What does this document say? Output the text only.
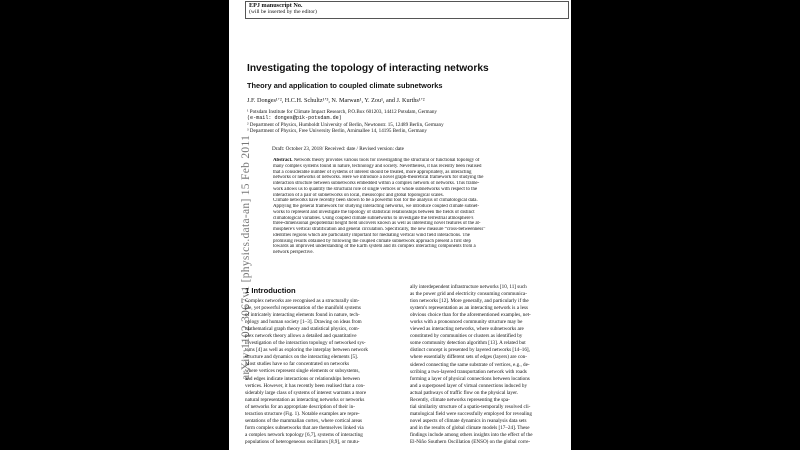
EPJ manuscript No.
(will be inserted by the editor)
arXiv:1102.3067v1 [physics.data-an] 15 Feb 2011
Investigating the topology of interacting networks
Theory and application to coupled climate subnetworks
J.F. Donges¹ʼ², H.C.H. Schultz¹ʼ³, N. Marwan¹, Y. Zou¹, and J. Kurths¹ʼ²
¹ Potsdam Institute for Climate Impact Research, P.O.Box 601203, 14412 Potsdam, Germany
(e-mail: donges@pik-potsdam.de)
² Department of Physics, Humboldt University of Berlin, Newtonstr. 15, 12489 Berlin, Germany
³ Department of Physics, Free University Berlin, Arnimallee 14, 14195 Berlin, Germany
Draft: October 23, 2018/ Received: date / Revised version: date
Abstract. Network theory provides various tools for investigating the structural or functional topology of
many complex systems found in nature, technology and society. Nevertheless, it has recently been realised
that a considerable number of systems of interest should be treated, more appropriately, as interacting
networks or networks of networks. Here we introduce a novel graph-theoretical framework for studying the
interaction structure between subnetworks embedded within a complex network of networks. This frame-
work allows us to quantify the structural role of single vertices or whole subnetworks with respect to the
interaction of a pair of subnetworks on local, mesoscopic and global topological scales.
Climate networks have recently been shown to be a powerful tool for the analysis of climatological data.
Applying the general framework for studying interacting networks, we introduce coupled climate subnet-
works to represent and investigate the topology of statistical relationships between the fields of distinct
climatological variables. Using coupled climate subnetworks to investigate the terrestrial atmosphere's
three-dimensional geopotential height field uncovers known as well as interesting novel features of the at-
mosphere's vertical stratification and general circulation. Specifically, the new measure “cross-betweenness”
identifies regions which are particularly important for mediating vertical wind field interactions. The
promising results obtained by following the coupled climate subnetwork approach present a first step
towards an improved understanding of the Earth system and its complex interacting components from a
network perspective.
1 Introduction
Complex networks are recognised as a structurally sim-
ple, yet powerful representation of the manifold systems
of intricately interacting elements found in nature, tech-
nology and human society [1–3]. Drawing on ideas from
mathematical graph theory and statistical physics, com-
plex network theory allows a detailed and quantitative
investigation of the interaction topology of networked sys-
tems [4] as well as exploring the interplay between network
structure and dynamics on the interacting elements [5].
Most studies have so far concentrated on networks
where vertices represent single elements or subsystems,
and edges indicate interactions or relationships between
vertices. However, it has recently been realised that a con-
siderably large class of systems of interest warrants a more
natural representation as interacting networks or networks
of networks for an appropriate description of their in-
teraction structure (Fig. 1). Notable examples are repre-
sentations of the mammalian cortex, where cortical areas
form complex subnetworks that are themselves linked via
a complex network topology [6,7], systems of interacting
populations of heterogeneous oscillators [8,9], or mutu-
ally interdependent infrastructure networks [10, 11] such
as the power grid and electricity consuming communica-
tion networks [12]. More generally, and particularly if the
system's representation as an interacting network is a less
obvious choice than for the aforementioned examples, net-
works with a pronounced community structure may be
viewed as interacting networks, where subnetworks are
constituted by communities or clusters as identified by
some community detection algorithm [13]. A related but
distinct concept is presented by layered networks [14–16],
where essentially different sets of edges (layers) are con-
sidered connecting the same substrate of vertices, e.g., de-
scribing a two-layered transportation network with roads
forming a layer of physical connections between locations
and a superposed layer of virtual connections induced by
actual pathways of traffic flow on the physical layer.
Recently, climate networks representing the spa-
tial similarity structure of a spatio-temporally resolved cli-
matological field were successfully employed for revealing
novel aspects of climate dynamics in reanalysis data sets
and in the results of global climate models [17–24]. These
findings include among others insights into the effect of the
El-Niño Southern Oscillation (ENSO) on the global corre-
